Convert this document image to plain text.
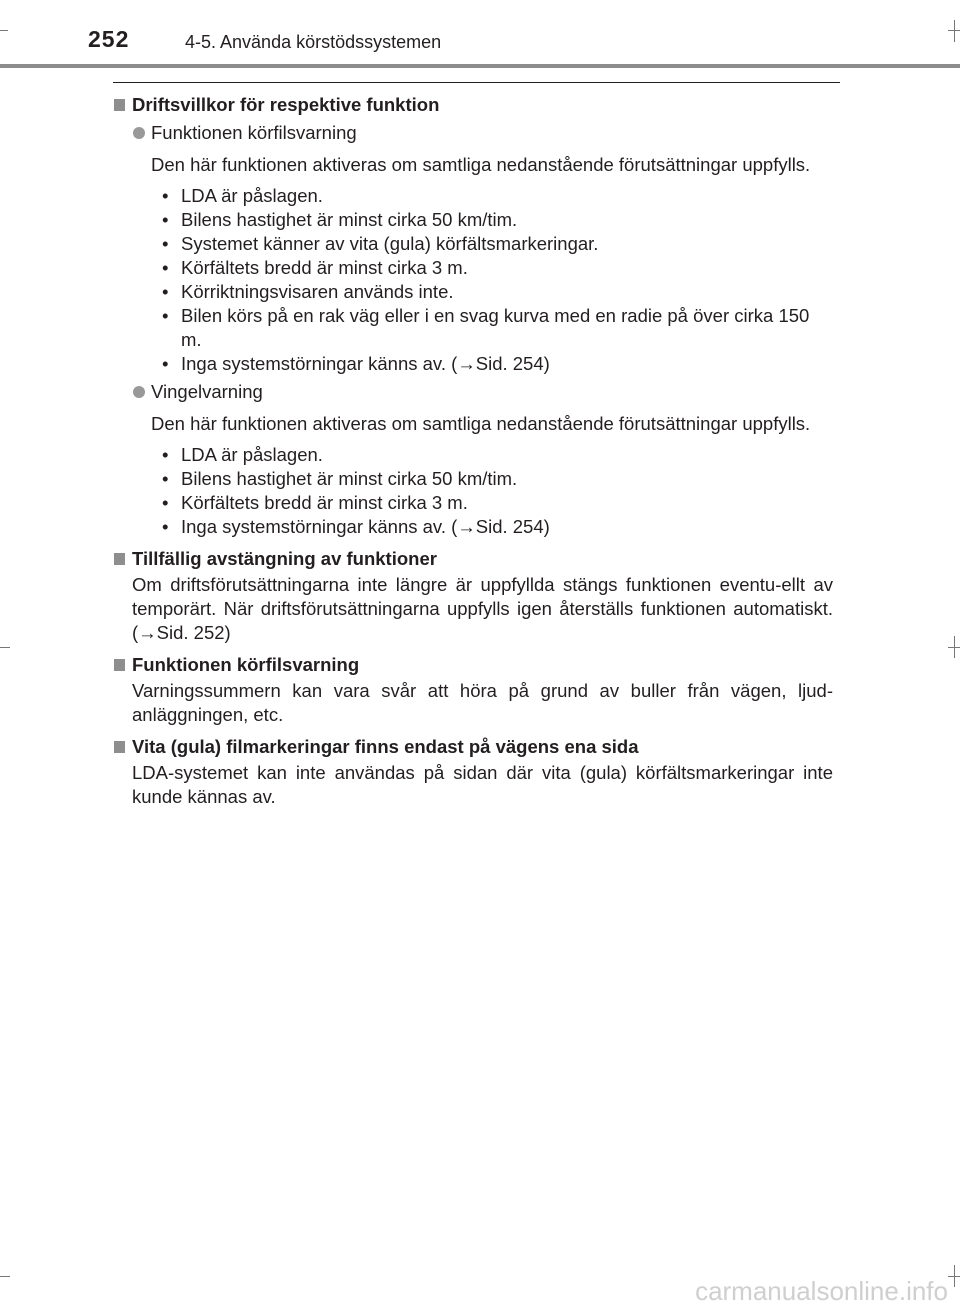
252	4-5. Använda körstödssystemen
Driftsvillkor för respektive funktion
Funktionen körfilsvarning
Den här funktionen aktiveras om samtliga nedanstående förutsättningar uppfylls.
• LDA är påslagen.
• Bilens hastighet är minst cirka 50 km/tim.
• Systemet känner av vita (gula) körfältsmarkeringar.
• Körfältets bredd är minst cirka 3 m.
• Körriktningsvisaren används inte.
• Bilen körs på en rak väg eller i en svag kurva med en radie på över cirka 150 m.
• Inga systemstörningar känns av. (→Sid. 254)
Vingelvarning
Den här funktionen aktiveras om samtliga nedanstående förutsättningar uppfylls.
• LDA är påslagen.
• Bilens hastighet är minst cirka 50 km/tim.
• Körfältets bredd är minst cirka 3 m.
• Inga systemstörningar känns av. (→Sid. 254)
Tillfällig avstängning av funktioner
Om driftsförutsättningarna inte längre är uppfyllda stängs funktionen eventu-ellt av temporärt. När driftsförutsättningarna uppfylls igen återställs funktionen automatiskt. (→Sid. 252)
Funktionen körfilsvarning
Varningssummern kan vara svår att höra på grund av buller från vägen, ljud-anläggningen, etc.
Vita (gula) filmarkeringar finns endast på vägens ena sida
LDA-systemet kan inte användas på sidan där vita (gula) körfältsmarkeringar inte kunde kännas av.
carmanualsonline.info
